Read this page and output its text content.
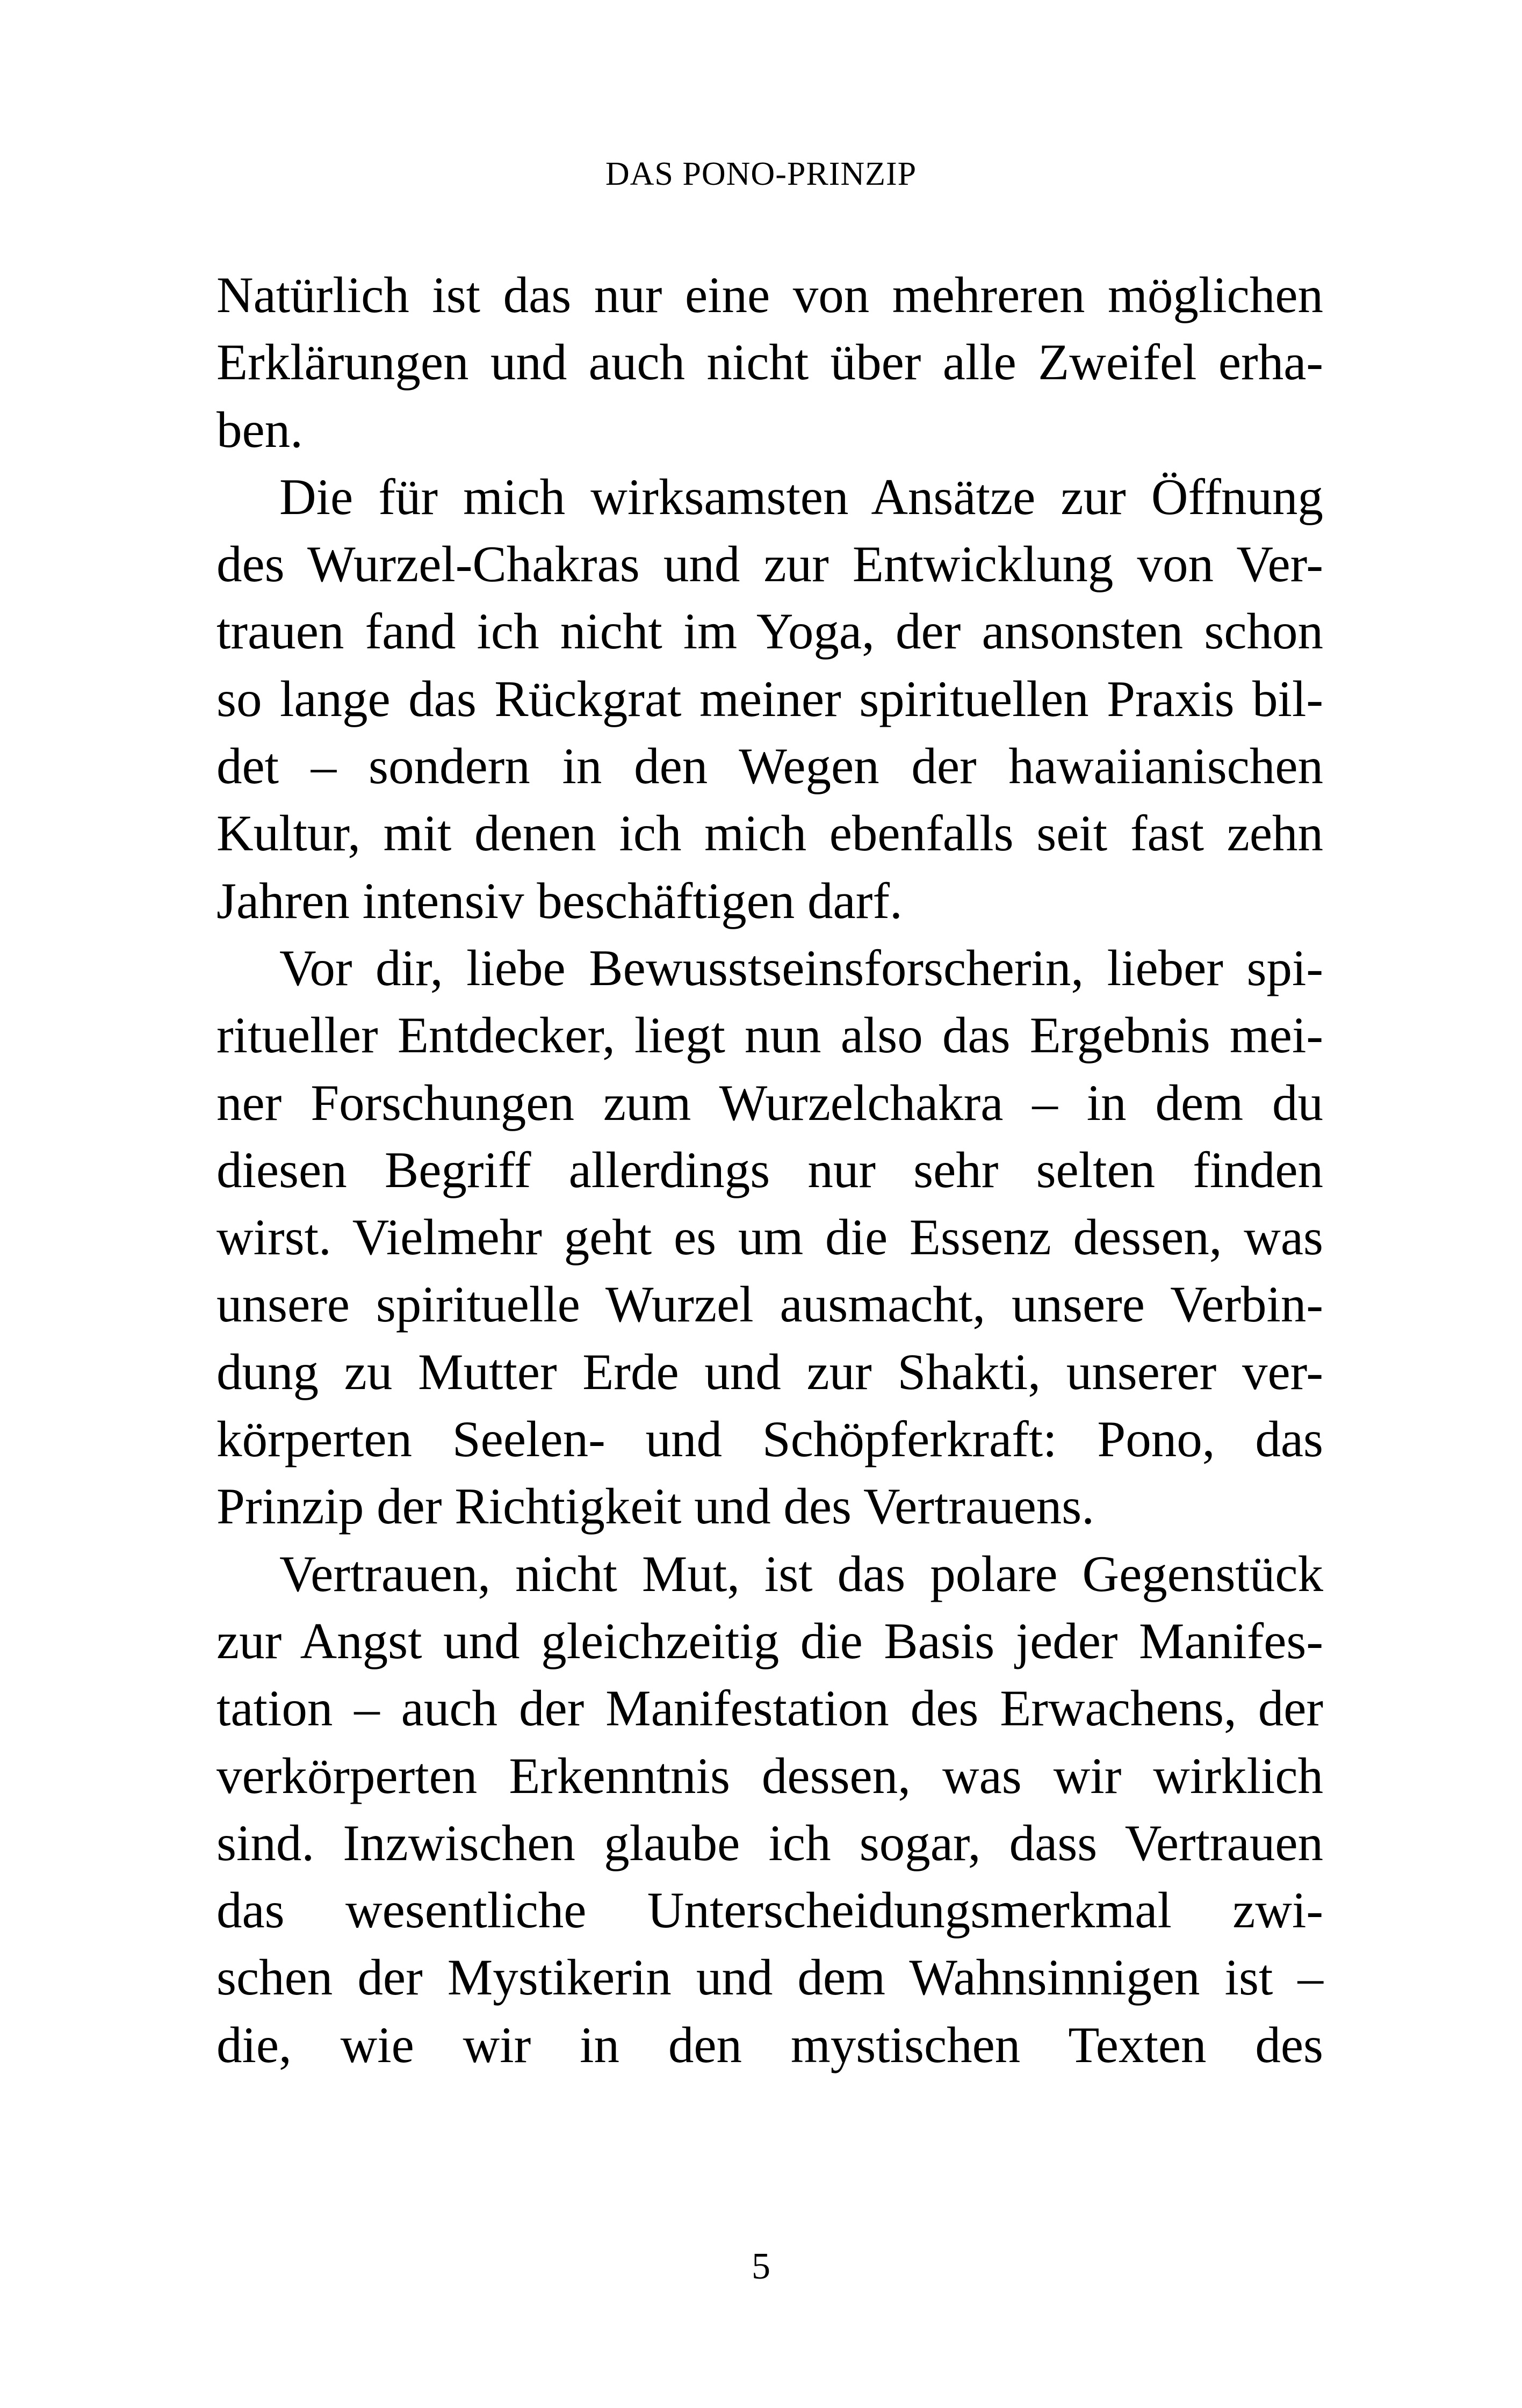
DAS PONO-PRINZIP
Natürlich ist das nur eine von mehreren möglichen
Erklärungen und auch nicht über alle Zweifel erha-
ben.
Die für mich wirksamsten Ansätze zur Öffnung
des Wurzel-Chakras und zur Entwicklung von Ver-
trauen fand ich nicht im Yoga, der ansonsten schon
so lange das Rückgrat meiner spirituellen Praxis bil-
det – sondern in den Wegen der hawaiianischen
Kultur, mit denen ich mich ebenfalls seit fast zehn
Jahren intensiv beschäftigen darf.
Vor dir, liebe Bewusstseinsforscherin, lieber spi-
ritueller Entdecker, liegt nun also das Ergebnis mei-
ner Forschungen zum Wurzelchakra – in dem du
diesen Begriff allerdings nur sehr selten finden
wirst. Vielmehr geht es um die Essenz dessen, was
unsere spirituelle Wurzel ausmacht, unsere Verbin-
dung zu Mutter Erde und zur Shakti, unserer ver-
körperten Seelen- und Schöpferkraft: Pono, das
Prinzip der Richtigkeit und des Vertrauens.
Vertrauen, nicht Mut, ist das polare Gegenstück
zur Angst und gleichzeitig die Basis jeder Manifes-
tation – auch der Manifestation des Erwachens, der
verkörperten Erkenntnis dessen, was wir wirklich
sind. Inzwischen glaube ich sogar, dass Vertrauen
das wesentliche Unterscheidungsmerkmal zwi-
schen der Mystikerin und dem Wahnsinnigen ist –
die, wie wir in den mystischen Texten des
5
